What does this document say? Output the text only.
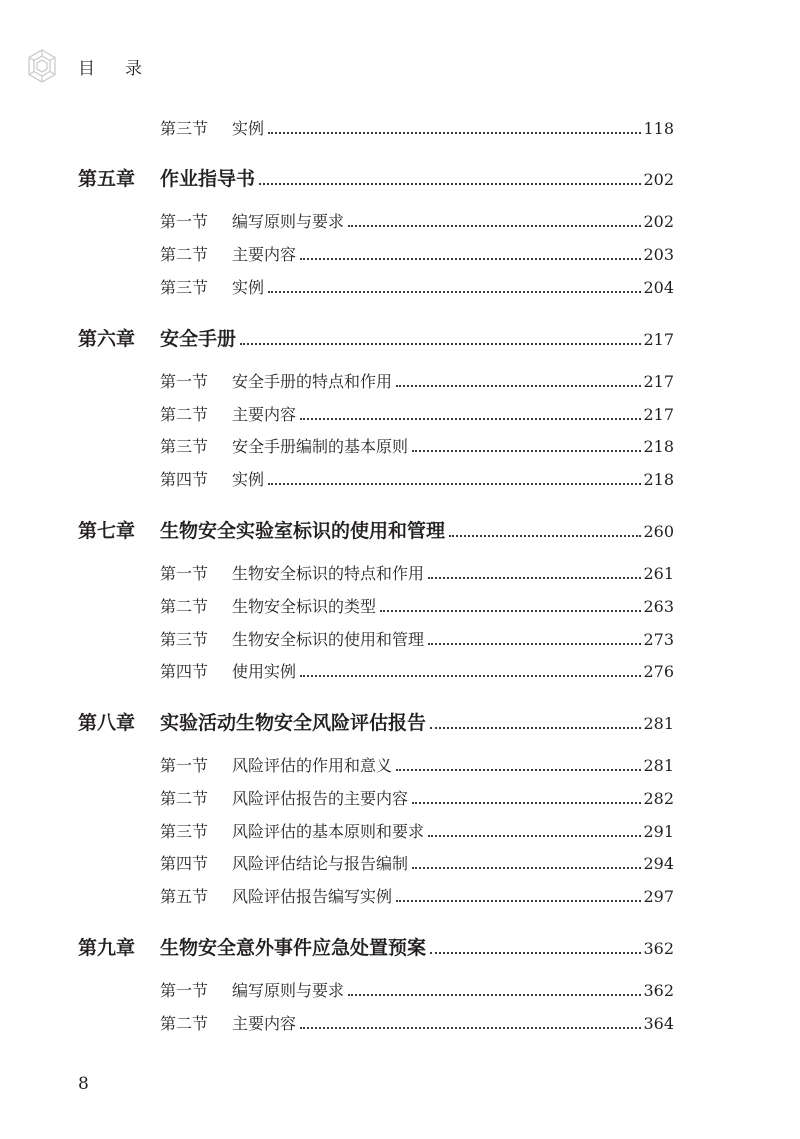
目 录
第三节	实例	118
第五章	作业指导书	202
第一节	编写原则与要求	202
第二节	主要内容	203
第三节	实例	204
第六章	安全手册	217
第一节	安全手册的特点和作用	217
第二节	主要内容	217
第三节	安全手册编制的基本原则	218
第四节	实例	218
第七章	生物安全实验室标识的使用和管理	260
第一节	生物安全标识的特点和作用	261
第二节	生物安全标识的类型	263
第三节	生物安全标识的使用和管理	273
第四节	使用实例	276
第八章	实验活动生物安全风险评估报告	281
第一节	风险评估的作用和意义	281
第二节	风险评估报告的主要内容	282
第三节	风险评估的基本原则和要求	291
第四节	风险评估结论与报告编制	294
第五节	风险评估报告编写实例	297
第九章	生物安全意外事件应急处置预案	362
第一节	编写原则与要求	362
第二节	主要内容	364
8
